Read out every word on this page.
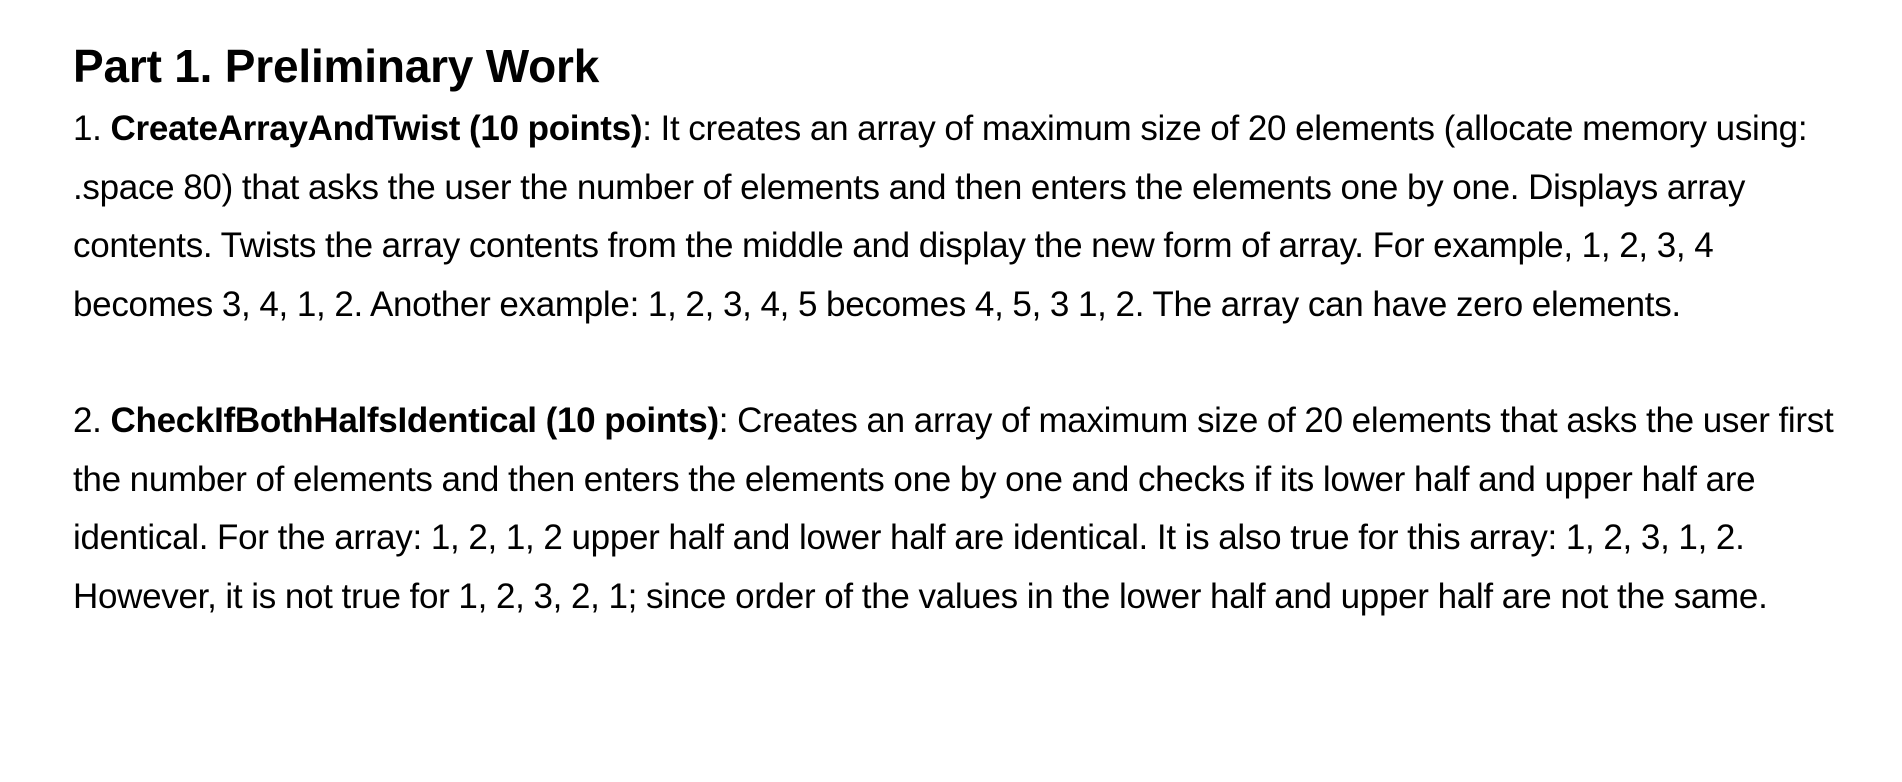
Part 1. Preliminary Work

1. CreateArrayAndTwist (10 points): It creates an array of maximum size of 20 elements (allocate memory using: .space 80) that asks the user the number of elements and then enters the elements one by one. Displays array contents. Twists the array contents from the middle and display the new form of array. For example, 1, 2, 3, 4 becomes 3, 4, 1, 2. Another example: 1, 2, 3, 4, 5 becomes 4, 5, 3 1, 2. The array can have zero elements.

2. CheckIfBothHalfsIdentical (10 points): Creates an array of maximum size of 20 elements that asks the user first the number of elements and then enters the elements one by one and checks if its lower half and upper half are identical. For the array: 1, 2, 1, 2 upper half and lower half are identical. It is also true for this array: 1, 2, 3, 1, 2. However, it is not true for 1, 2, 3, 2, 1; since order of the values in the lower half and upper half are not the same.
